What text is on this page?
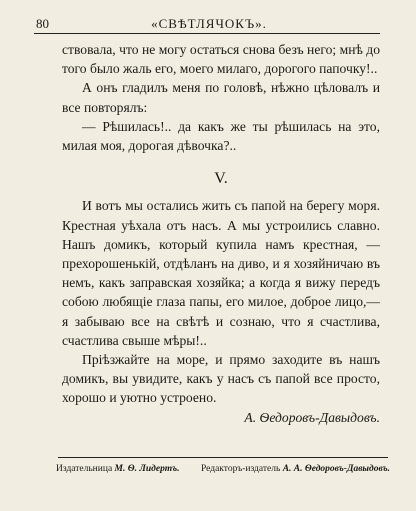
80	«СВѢТЛЯЧОКЪ».

ствовала, что не могу остаться снова безъ него; мнѣ до того было жаль его, моего милаго, дорогого папочку!..

А онъ гладилъ меня по головѣ, нѣжно цѣловалъ и все повторялъ:

— Рѣшилась!.. да какъ же ты рѣшилась на это, милая моя, дорогая дѣвочка?..

V.

И вотъ мы остались жить съ папой на берегу моря. Крестная уѣхала отъ насъ. А мы устроились славно. Нашъ домикъ, который купила намъ крестная, — прехорошенькій, отдѣланъ на диво, и я хозяйничаю въ немъ, какъ заправская хозяйка; а когда я вижу передъ собою любящіе глаза папы, его милое, доброе лицо,—я забываю все на свѣтѣ и сознаю, что я счастлива, счастлива свыше мѣры!..

Пріѣзжайте на море, и прямо заходите въ нашъ домикъ, вы увидите, какъ у насъ съ папой все просто, хорошо и уютно устроено.

А. Ѳедоровъ-Давыдовъ.

Издательница М. Ѳ. Лидертъ. Редакторъ-издатель А. А. Ѳедоровъ-Давыдовъ.
